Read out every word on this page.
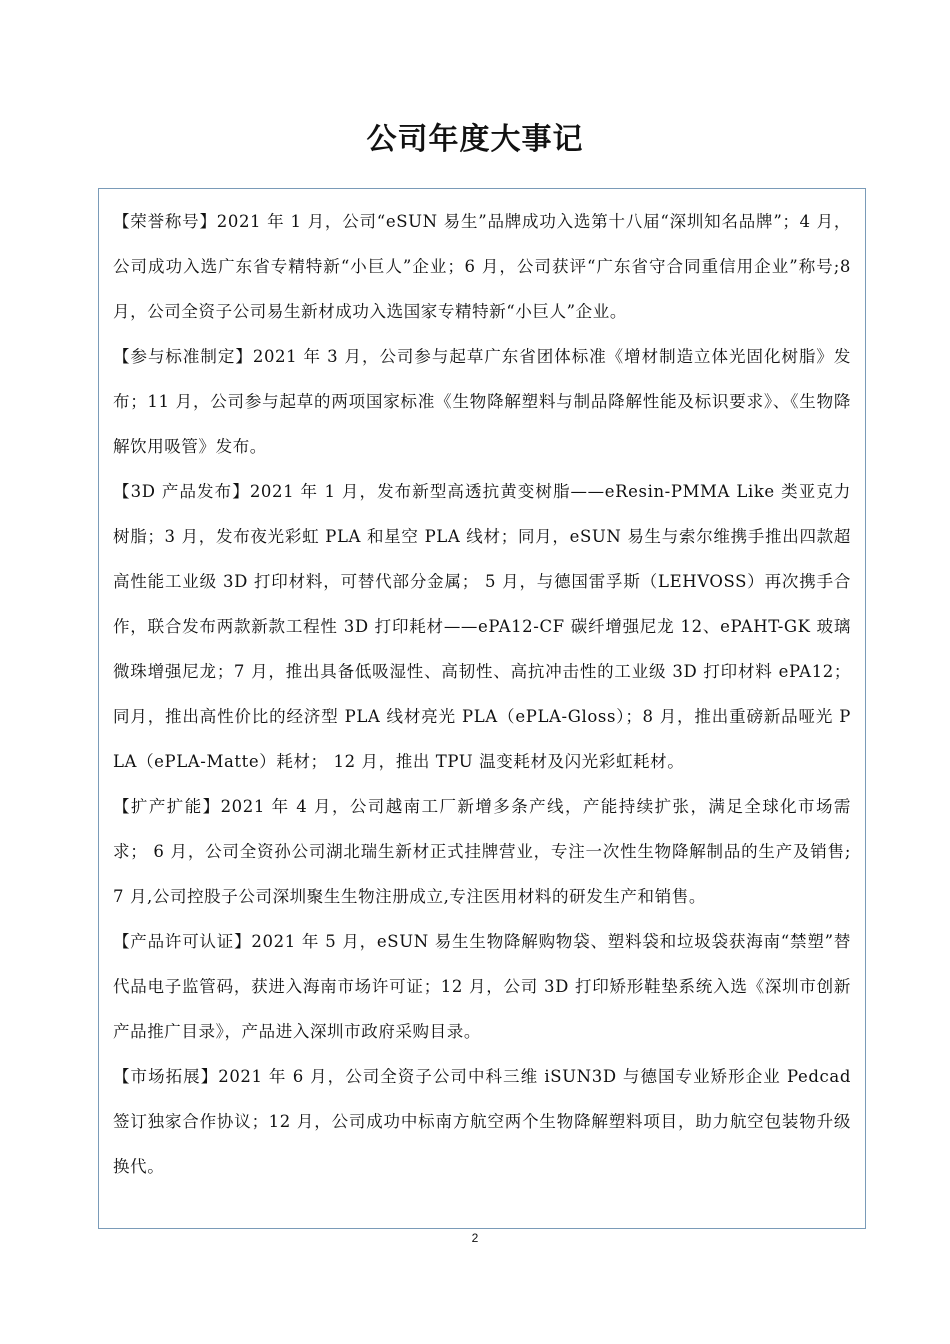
公司年度大事记

【荣誉称号】2021 年 1 月，公司“eSUN 易生”品牌成功入选第十八届“深圳知名品牌”；4 月，公司成功入选广东省专精特新“小巨人”企业；6 月，公司获评“广东省守合同重信用企业”称号;8 月，公司全资子公司易生新材成功入选国家专精特新“小巨人”企业。

【参与标准制定】2021 年 3 月，公司参与起草广东省团体标准《增材制造立体光固化树脂》发布；11 月，公司参与起草的两项国家标准《生物降解塑料与制品降解性能及标识要求》、《生物降解饮用吸管》发布。

【3D 产品发布】2021 年 1 月，发布新型高透抗黄变树脂——eResin-PMMA Like 类亚克力树脂；3 月，发布夜光彩虹 PLA 和星空 PLA 线材；同月，eSUN 易生与索尔维携手推出四款超高性能工业级 3D 打印材料，可替代部分金属； 5 月，与德国雷孚斯（LEHVOSS）再次携手合作，联合发布两款新款工程性 3D 打印耗材——ePA12-CF 碳纤增强尼龙 12、ePAHT-GK 玻璃微珠增强尼龙；7 月，推出具备低吸湿性、高韧性、高抗冲击性的工业级 3D 打印材料 ePA12；同月，推出高性价比的经济型 PLA 线材亮光 PLA（ePLA-Gloss）；8 月，推出重磅新品哑光 PLA（ePLA-Matte）耗材； 12 月，推出 TPU 温变耗材及闪光彩虹耗材。

【扩产扩能】2021 年 4 月，公司越南工厂新增多条产线，产能持续扩张，满足全球化市场需求； 6 月，公司全资孙公司湖北瑞生新材正式挂牌营业，专注一次性生物降解制品的生产及销售;7 月,公司控股子公司深圳聚生生物注册成立,专注医用材料的研发生产和销售。

【产品许可认证】2021 年 5 月，eSUN 易生生物降解购物袋、塑料袋和垃圾袋获海南“禁塑”替代品电子监管码，获进入海南市场许可证；12 月，公司 3D 打印矫形鞋垫系统入选《深圳市创新产品推广目录》，产品进入深圳市政府采购目录。

【市场拓展】2021 年 6 月，公司全资子公司中科三维 iSUN3D 与德国专业矫形企业 Pedcad 签订独家合作协议；12 月，公司成功中标南方航空两个生物降解塑料项目，助力航空包装物升级换代。

2
